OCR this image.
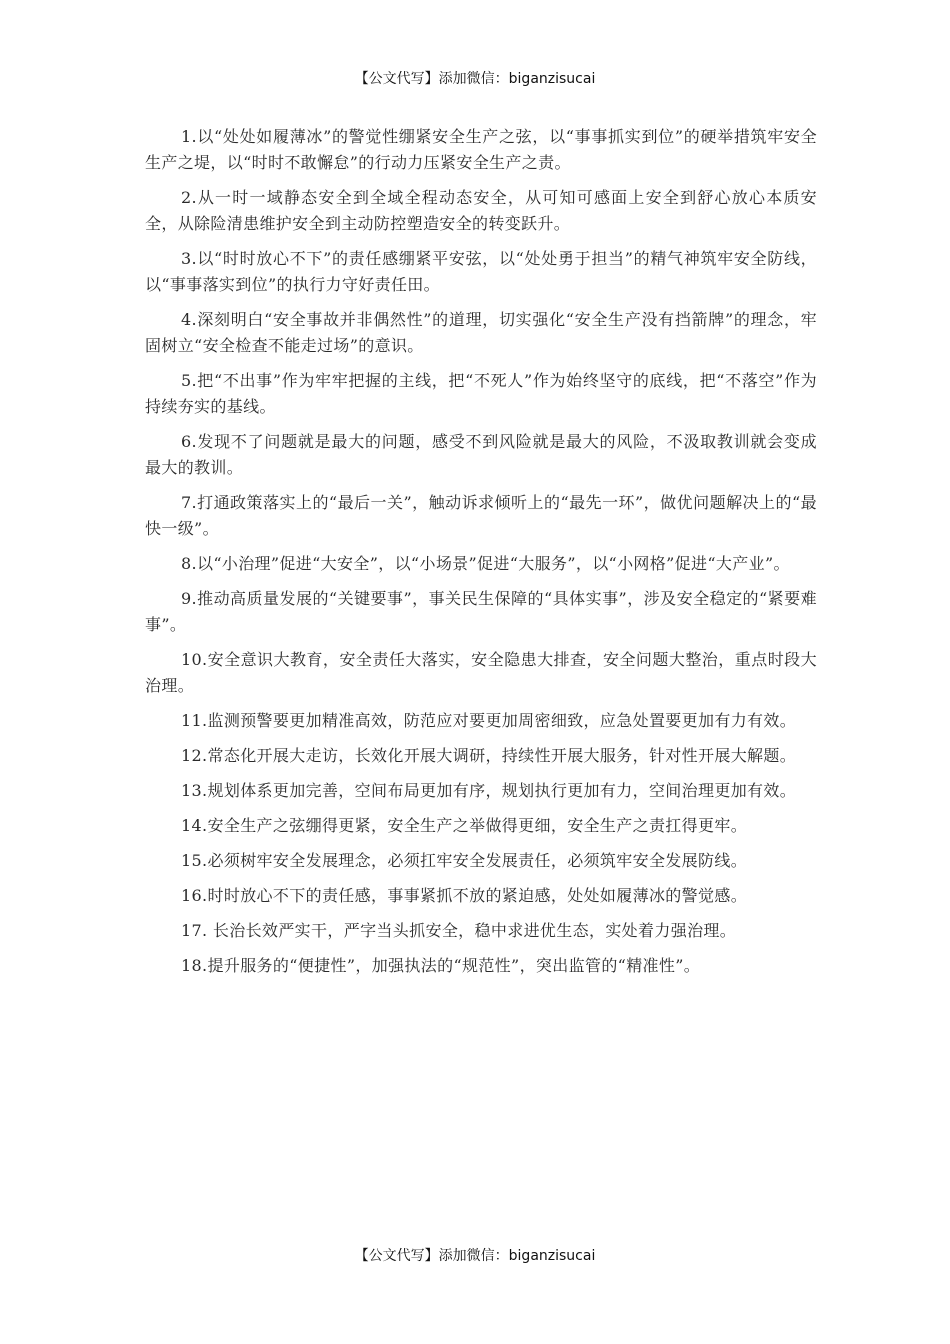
【公文代写】添加微信：biganzisucai

1.以“处处如履薄冰”的警觉性绷紧安全生产之弦，以“事事抓实到位”的硬举措筑牢安全生产之堤，以“时时不敢懈怠”的行动力压紧安全生产之责。

2.从一时一域静态安全到全域全程动态安全，从可知可感面上安全到舒心放心本质安全，从除险清患维护安全到主动防控塑造安全的转变跃升。

3.以“时时放心不下”的责任感绷紧平安弦，以“处处勇于担当”的精气神筑牢安全防线，以“事事落实到位”的执行力守好责任田。

4.深刻明白“安全事故并非偶然性”的道理，切实强化“安全生产没有挡箭牌”的理念，牢固树立“安全检查不能走过场”的意识。

5.把“不出事”作为牢牢把握的主线，把“不死人”作为始终坚守的底线，把“不落空”作为持续夯实的基线。

6.发现不了问题就是最大的问题，感受不到风险就是最大的风险，不汲取教训就会变成最大的教训。

7.打通政策落实上的“最后一关”，触动诉求倾听上的“最先一环”，做优问题解决上的“最快一级”。

8.以“小治理”促进“大安全”，以“小场景”促进“大服务”，以“小网格”促进“大产业”。

9.推动高质量发展的“关键要事”，事关民生保障的“具体实事”，涉及安全稳定的“紧要难事”。

10.安全意识大教育，安全责任大落实，安全隐患大排查，安全问题大整治，重点时段大治理。

11.监测预警要更加精准高效，防范应对要更加周密细致，应急处置要更加有力有效。

12.常态化开展大走访，长效化开展大调研，持续性开展大服务，针对性开展大解题。

13.规划体系更加完善，空间布局更加有序，规划执行更加有力，空间治理更加有效。

14.安全生产之弦绷得更紧，安全生产之举做得更细，安全生产之责扛得更牢。

15.必须树牢安全发展理念，必须扛牢安全发展责任，必须筑牢安全发展防线。

16.时时放心不下的责任感，事事紧抓不放的紧迫感，处处如履薄冰的警觉感。

17. 长治长效严实干，严字当头抓安全，稳中求进优生态，实处着力强治理。

18.提升服务的“便捷性”，加强执法的“规范性”，突出监管的“精准性”。

【公文代写】添加微信：biganzisucai
